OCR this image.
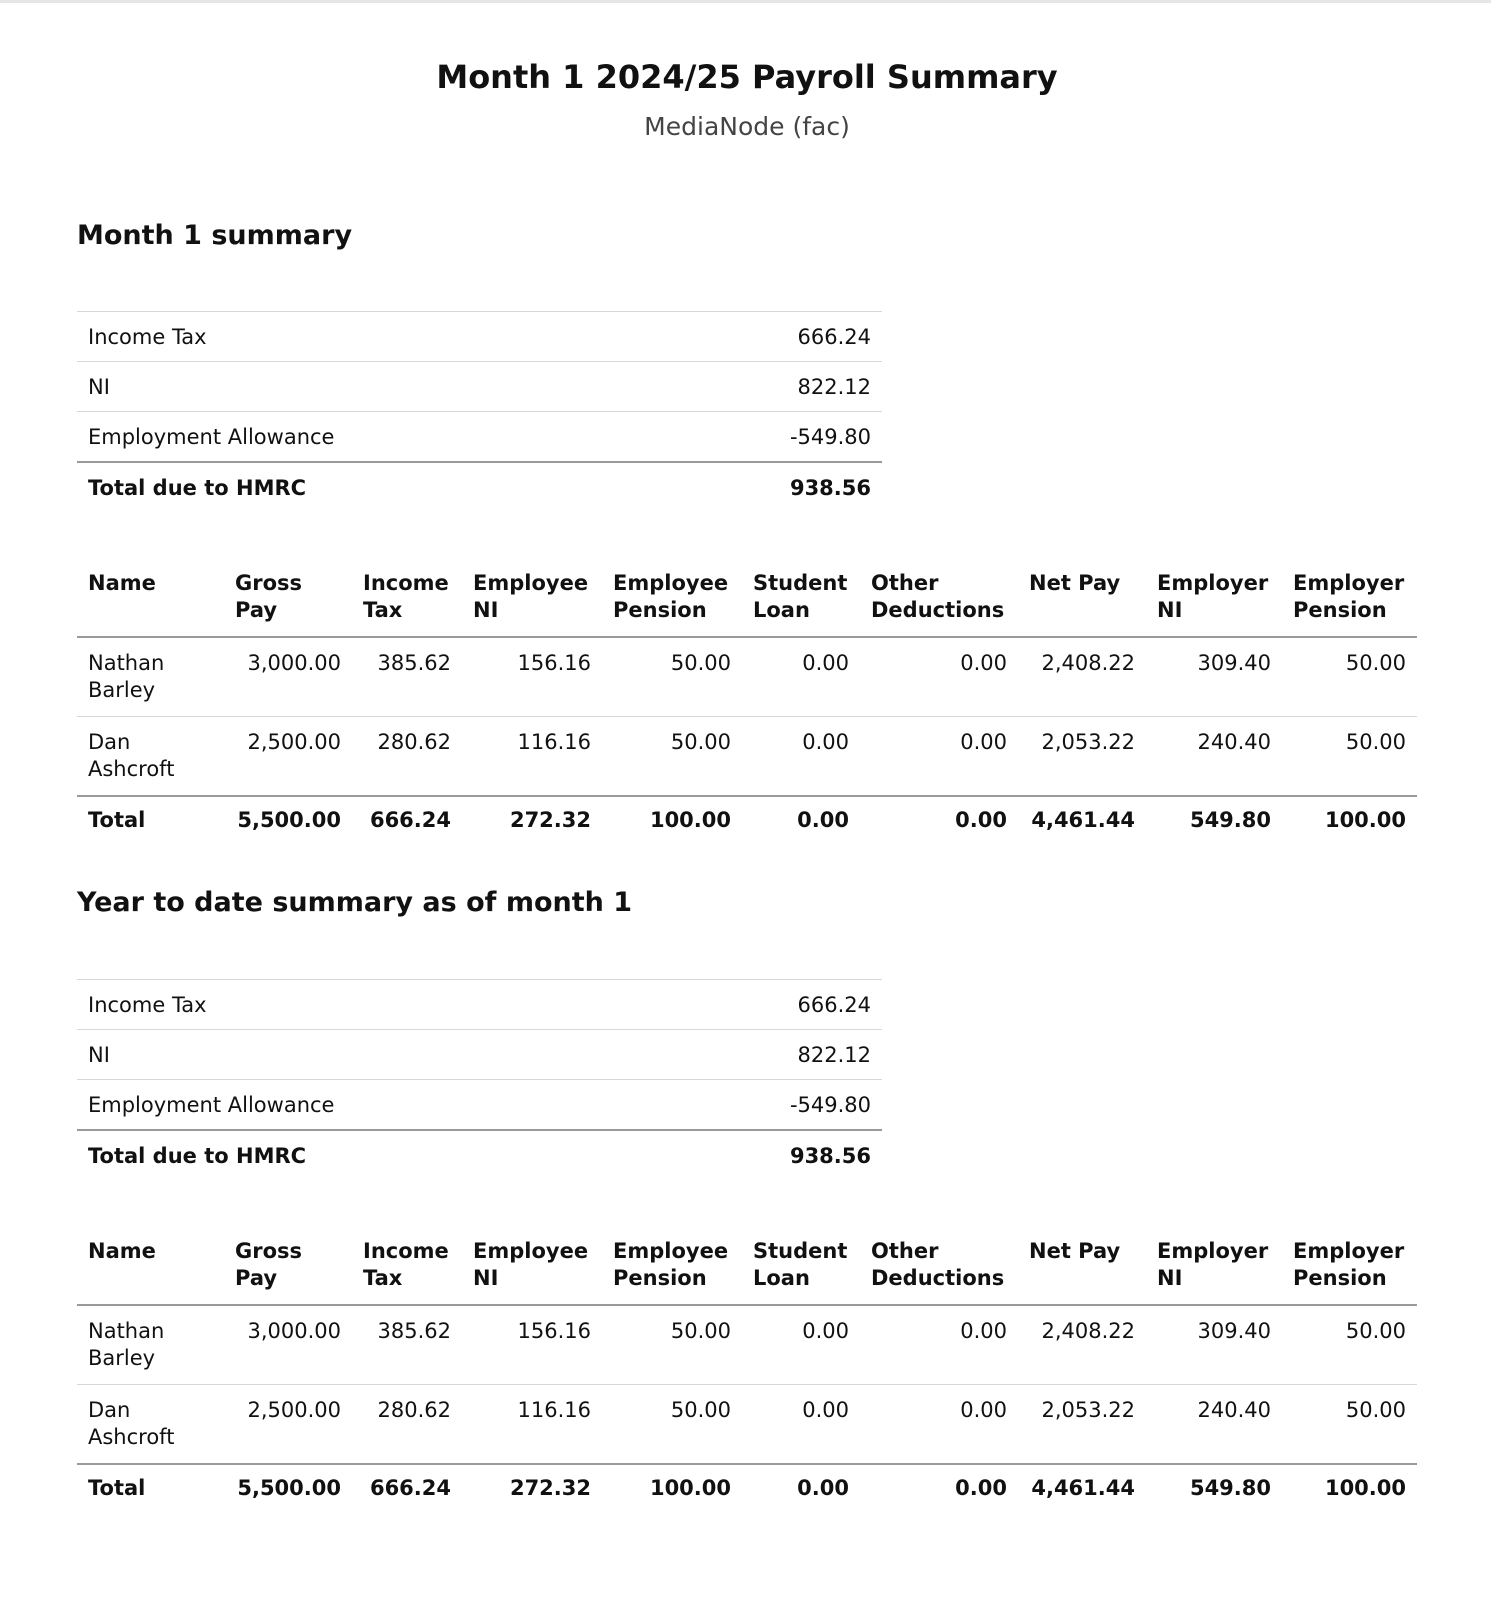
Month 1 2024/25 Payroll Summary
MediaNode (fac)
Month 1 summary
Income Tax	666.24
NI	822.12
Employment Allowance	-549.80
Total due to HMRC	938.56
Name	Gross Pay	Income Tax	Employee NI	Employee Pension	Student Loan	Other Deductions	Net Pay	Employer NI	Employer Pension
Nathan Barley	3,000.00	385.62	156.16	50.00	0.00	0.00	2,408.22	309.40	50.00
Dan Ashcroft	2,500.00	280.62	116.16	50.00	0.00	0.00	2,053.22	240.40	50.00
Total	5,500.00	666.24	272.32	100.00	0.00	0.00	4,461.44	549.80	100.00
Year to date summary as of month 1
Income Tax	666.24
NI	822.12
Employment Allowance	-549.80
Total due to HMRC	938.56
Name	Gross Pay	Income Tax	Employee NI	Employee Pension	Student Loan	Other Deductions	Net Pay	Employer NI	Employer Pension
Nathan Barley	3,000.00	385.62	156.16	50.00	0.00	0.00	2,408.22	309.40	50.00
Dan Ashcroft	2,500.00	280.62	116.16	50.00	0.00	0.00	2,053.22	240.40	50.00
Total	5,500.00	666.24	272.32	100.00	0.00	0.00	4,461.44	549.80	100.00
